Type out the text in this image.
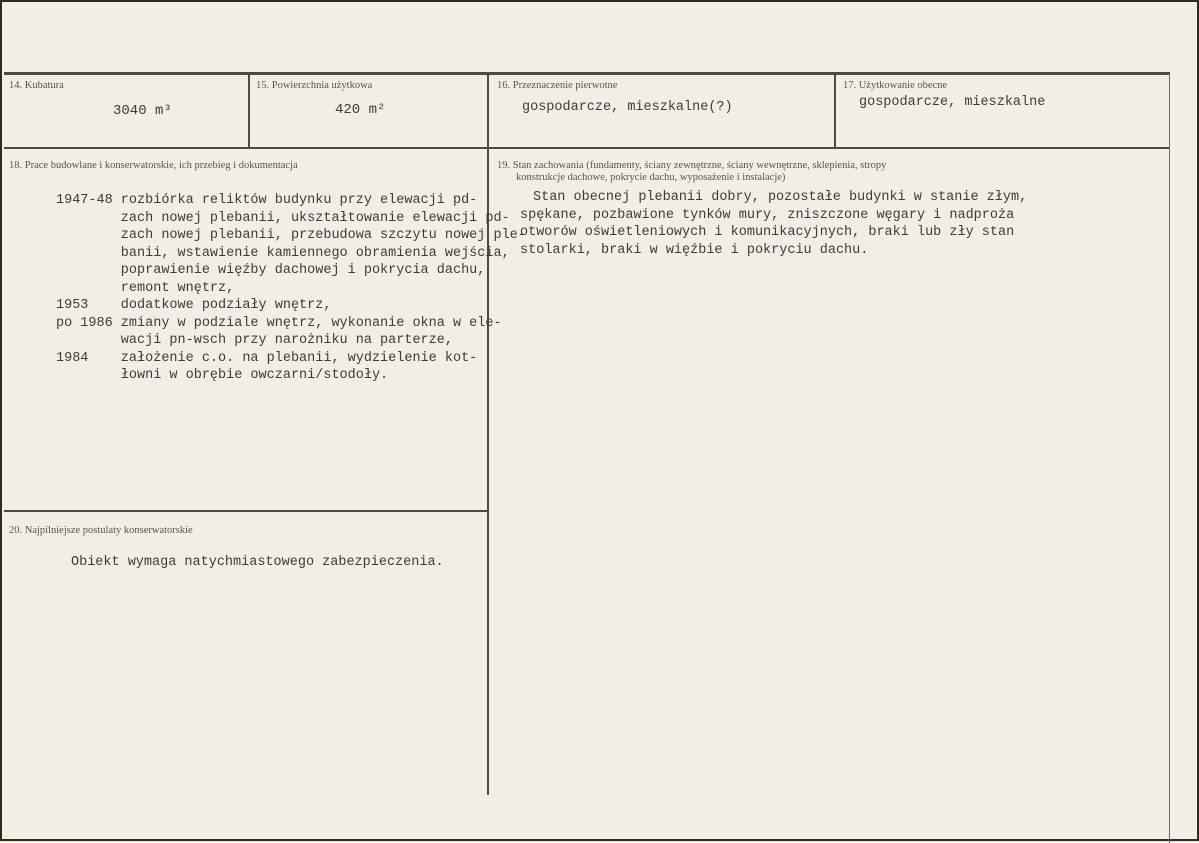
14. Kubatura
3040 m³
15. Powierzchnia użytkowa
420 m²
16. Przeznaczenie pierwotne
gospodarcze, mieszkalne(?)
17. Użytkowanie obecne
gospodarcze, mieszkalne
18. Prace budowlane i konserwatorskie, ich przebieg i dokumentacja
1947-48 rozbiórka reliktów budynku przy elewacji pd-
zach nowej plebanii, ukształtowanie elewacji pd-
zach nowej plebanii, przebudowa szczytu nowej ple-
banii, wstawienie kamiennego obramienia wejścia,
poprawienie więźby dachowej i pokrycia dachu,
remont wnętrz,
1953    dodatkowe podziały wnętrz,
po 1986 zmiany w podziale wnętrz, wykonanie okna w ele-
wacji pn-wsch przy narożniku na parterze,
1984    założenie c.o. na plebanii, wydzielenie kot-
łowni w obrębie owczarni/stodoły.
19. Stan zachowania (fundamenty, ściany zewnętrzne, ściany wewnętrzne, sklepienia, stropy
konstrukcje dachowe, pokrycie dachu, wyposażenie i instalacje)
Stan obecnej plebanii dobry, pozostałe budynki w stanie złym,
spękane, pozbawione tynków mury, zniszczone węgary i nadproża
otworów oświetleniowych i komunikacyjnych, braki lub zły stan
stolarki, braki w więźbie i pokryciu dachu.
20. Najpilniejsze postulaty konserwatorskie
Obiekt wymaga natychmiastowego zabezpieczenia.
